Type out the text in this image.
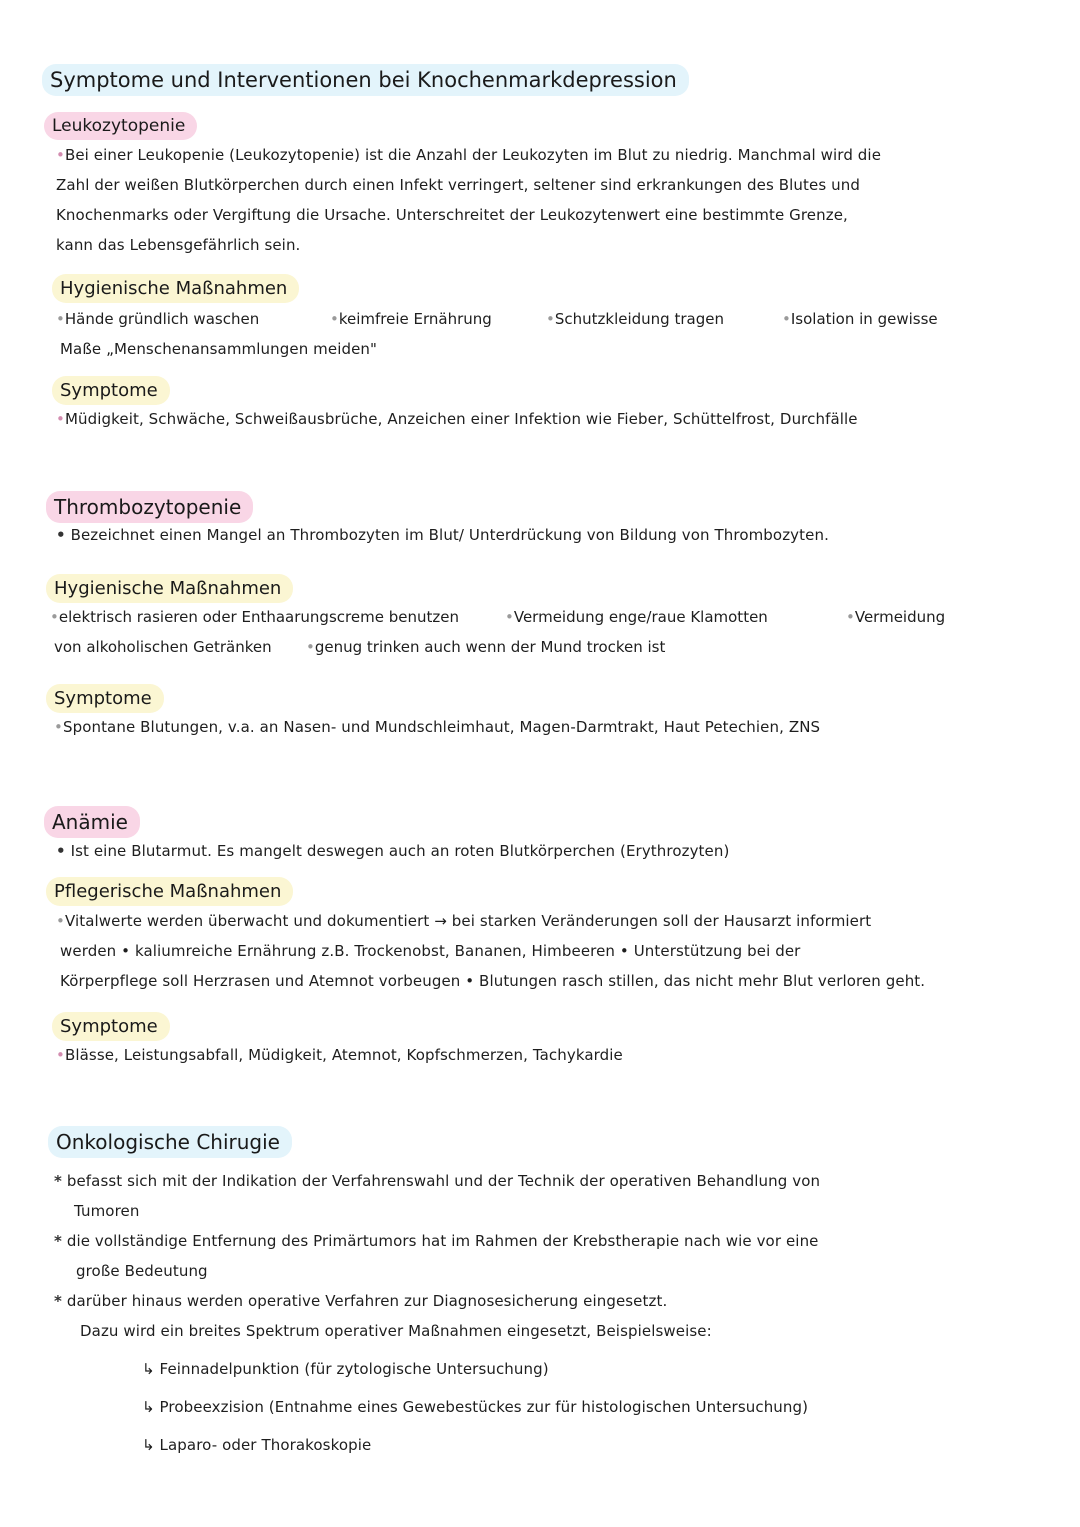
Symptome und Interventionen bei Knochenmarkdepression
Leukozytopenie
•Bei einer Leukopenie (Leukozytopenie) ist die Anzahl der Leukozyten im Blut zu niedrig. Manchmal wird die
Zahl der weißen Blutkörperchen durch einen Infekt verringert, seltener sind erkrankungen des Blutes und
Knochenmarks oder Vergiftung die Ursache. Unterschreitet der Leukozytenwert eine bestimmte Grenze,
kann das Lebensgefährlich sein.
Hygienische Maßnahmen
•Hände gründlich waschen	•keimfreie Ernährung	•Schutzkleidung tragen	•Isolation in gewisse
Maße „Menschenansammlungen meiden"
Symptome
•Müdigkeit, Schwäche, Schweißausbrüche, Anzeichen einer Infektion wie Fieber, Schüttelfrost, Durchfälle
Thrombozytopenie
• Bezeichnet einen Mangel an Thrombozyten im Blut/ Unterdrückung von Bildung von Thrombozyten.
Hygienische Maßnahmen
•elektrisch rasieren oder Enthaarungscreme benutzen	•Vermeidung enge/raue Klamotten	•Vermeidung
von alkoholischen Getränken •genug trinken auch wenn der Mund trocken ist
Symptome
•Spontane Blutungen, v.a. an Nasen- und Mundschleimhaut, Magen-Darmtrakt, Haut Petechien, ZNS
Anämie
• Ist eine Blutarmut. Es mangelt deswegen auch an roten Blutkörperchen (Erythrozyten)
Pflegerische Maßnahmen
•Vitalwerte werden überwacht und dokumentiert → bei starken Veränderungen soll der Hausarzt informiert
werden • kaliumreiche Ernährung z.B. Trockenobst, Bananen, Himbeeren • Unterstützung bei der
Körperpflege soll Herzrasen und Atemnot vorbeugen • Blutungen rasch stillen, das nicht mehr Blut verloren geht.
Symptome
•Blässe, Leistungsabfall, Müdigkeit, Atemnot, Kopfschmerzen, Tachykardie
Onkologische Chirugie
* befasst sich mit der Indikation der Verfahrenswahl und der Technik der operativen Behandlung von
Tumoren
* die vollständige Entfernung des Primärtumors hat im Rahmen der Krebstherapie nach wie vor eine
große Bedeutung
* darüber hinaus werden operative Verfahren zur Diagnosesicherung eingesetzt.
Dazu wird ein breites Spektrum operativer Maßnahmen eingesetzt, Beispielsweise:
↳ Feinnadelpunktion (für zytologische Untersuchung)
↳ Probeexzision (Entnahme eines Gewebestückes zur für histologischen Untersuchung)
↳ Laparo- oder Thorakoskopie
